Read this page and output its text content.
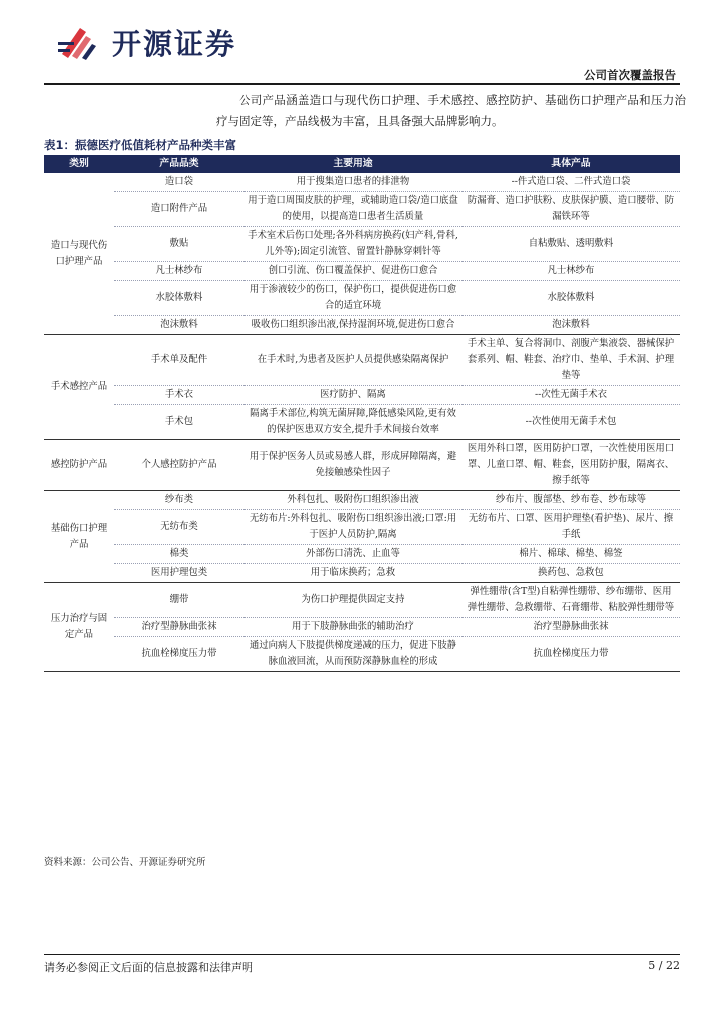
开源证券
公司首次覆盖报告

公司产品涵盖造口与现代伤口护理、手术感控、感控防护、基础伤口护理产品和压力治疗与固定等，产品线极为丰富，且具备强大品牌影响力。

表1：振德医疗低值耗材产品种类丰富
类别	产品品类	主要用途	具体产品
造口与现代伤口护理产品	造口袋	用于搜集造口患者的排泄物	--件式造口袋、二件式造口袋
	造口附件产品	用于造口周围皮肤的护理，或辅助造口袋/造口底盘的使用，以提高造口患者生活质量	防漏膏、造口护肤粉、皮肤保护膜、造口腰带、防漏铁环等
	敷贴	手术室术后伤口处理;各外科病房换药(妇产科,骨科,儿外等);固定引流管、留置针静脉穿刺针等	自粘敷贴、透明敷料
	凡士林纱布	创口引流、伤口覆盖保护、促进伤口愈合	凡士林纱布
	水胶体敷料	用于渗液较少的伤口，保护伤口，提供促进伤口愈合的适宜环境	水胶体敷料
	泡沫敷料	吸收伤口组织渗出液,保持湿润环境,促进伤口愈合	泡沫敷料
手术感控产品	手术单及配件	在手术时,为患者及医护人员提供感染隔离保护	手术主单、复合将洞巾、剖腹产集液袋、器械保护套系列、帽、鞋套、治疗巾、垫单、手术洞、护理垫等
	手术衣	医疗防护、隔离	--次性无菌手术衣
	手术包	隔离手术部位,构筑无菌屏障,降低感染风险,更有效的保护医患双方安全,提升手术间接台效率	--次性使用无菌手术包
感控防护产品	个人感控防护产品	用于保护医务人员或易感人群，形成屏障隔离，避免接触感染性因子	医用外科口罩，医用防护口罩，一次性使用医用口罩、儿童口罩、帽、鞋套，医用防护服，隔离衣、擦手纸等
基础伤口护理产品	纱布类	外科包扎、吸附伤口组织渗出液	纱布片、腹部垫、纱布卷、纱布球等
	无纺布类	无纺布片:外科包扎、吸附伤口组织渗出液;口罩:用于医护人员防护,隔离	无纺布片、口罩、医用护理垫(看护垫)、尿片、擦手纸
	棉类	外部伤口清洗、止血等	棉片、棉球、棉垫、棉签
	医用护理包类	用于临床换药；急救	换药包、急救包
压力治疗与固定产品	绷带	为伤口护理提供固定支持	弹性绷带(含T型)自粘弹性绷带、纱布绷带、医用弹性绷带、急救绷带、石膏绷带、粘胶弹性绷带等
	治疗型静脉曲张袜	用于下肢静脉曲张的辅助治疗	治疗型静脉曲张袜
	抗血栓梯度压力带	通过向病人下肢提供梯度递减的压力，促进下肢静脉血液回流，从而预防深静脉血栓的形成	抗血栓梯度压力带
资料来源：公司公告、开源证券研究所
请务必参阅正文后面的信息披露和法律声明	5 / 22
